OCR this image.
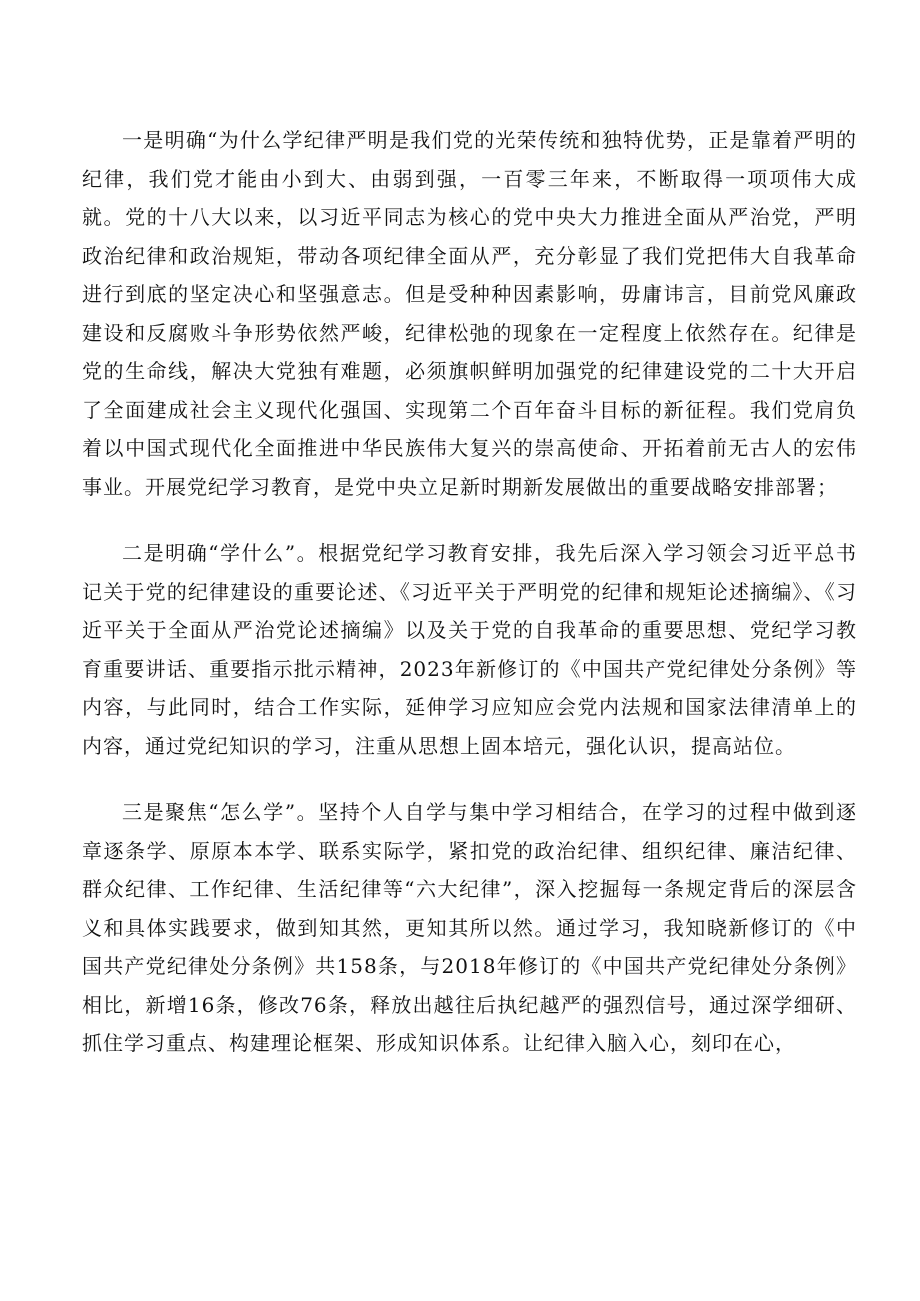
一是明确“为什么学纪律严明是我们党的光荣传统和独特优势，正是靠着严明的纪律，我们党才能由小到大、由弱到强，一百零三年来，不断取得一项项伟大成就。党的十八大以来，以习近平同志为核心的党中央大力推进全面从严治党，严明政治纪律和政治规矩，带动各项纪律全面从严，充分彰显了我们党把伟大自我革命进行到底的坚定决心和坚强意志。但是受种种因素影响，毋庸讳言，目前党风廉政建设和反腐败斗争形势依然严峻，纪律松弛的现象在一定程度上依然存在。纪律是党的生命线，解决大党独有难题，必须旗帜鲜明加强党的纪律建设党的二十大开启了全面建成社会主义现代化强国、实现第二个百年奋斗目标的新征程。我们党肩负着以中国式现代化全面推进中华民族伟大复兴的崇高使命、开拓着前无古人的宏伟事业。开展党纪学习教育，是党中央立足新时期新发展做出的重要战略安排部署；

二是明确“学什么”。根据党纪学习教育安排，我先后深入学习领会习近平总书记关于党的纪律建设的重要论述、《习近平关于严明党的纪律和规矩论述摘编》、《习近平关于全面从严治党论述摘编》以及关于党的自我革命的重要思想、党纪学习教育重要讲话、重要指示批示精神，2023年新修订的《中国共产党纪律处分条例》等内容，与此同时，结合工作实际，延伸学习应知应会党内法规和国家法律清单上的内容，通过党纪知识的学习，注重从思想上固本培元，强化认识，提高站位。

三是聚焦“怎么学”。坚持个人自学与集中学习相结合，在学习的过程中做到逐章逐条学、原原本本学、联系实际学，紧扣党的政治纪律、组织纪律、廉洁纪律、群众纪律、工作纪律、生活纪律等“六大纪律”，深入挖掘每一条规定背后的深层含义和具体实践要求，做到知其然，更知其所以然。通过学习，我知晓新修订的《中国共产党纪律处分条例》共158条，与2018年修订的《中国共产党纪律处分条例》相比，新增16条，修改76条，释放出越往后执纪越严的强烈信号，通过深学细研、抓住学习重点、构建理论框架、形成知识体系。让纪律入脑入心，刻印在心，
